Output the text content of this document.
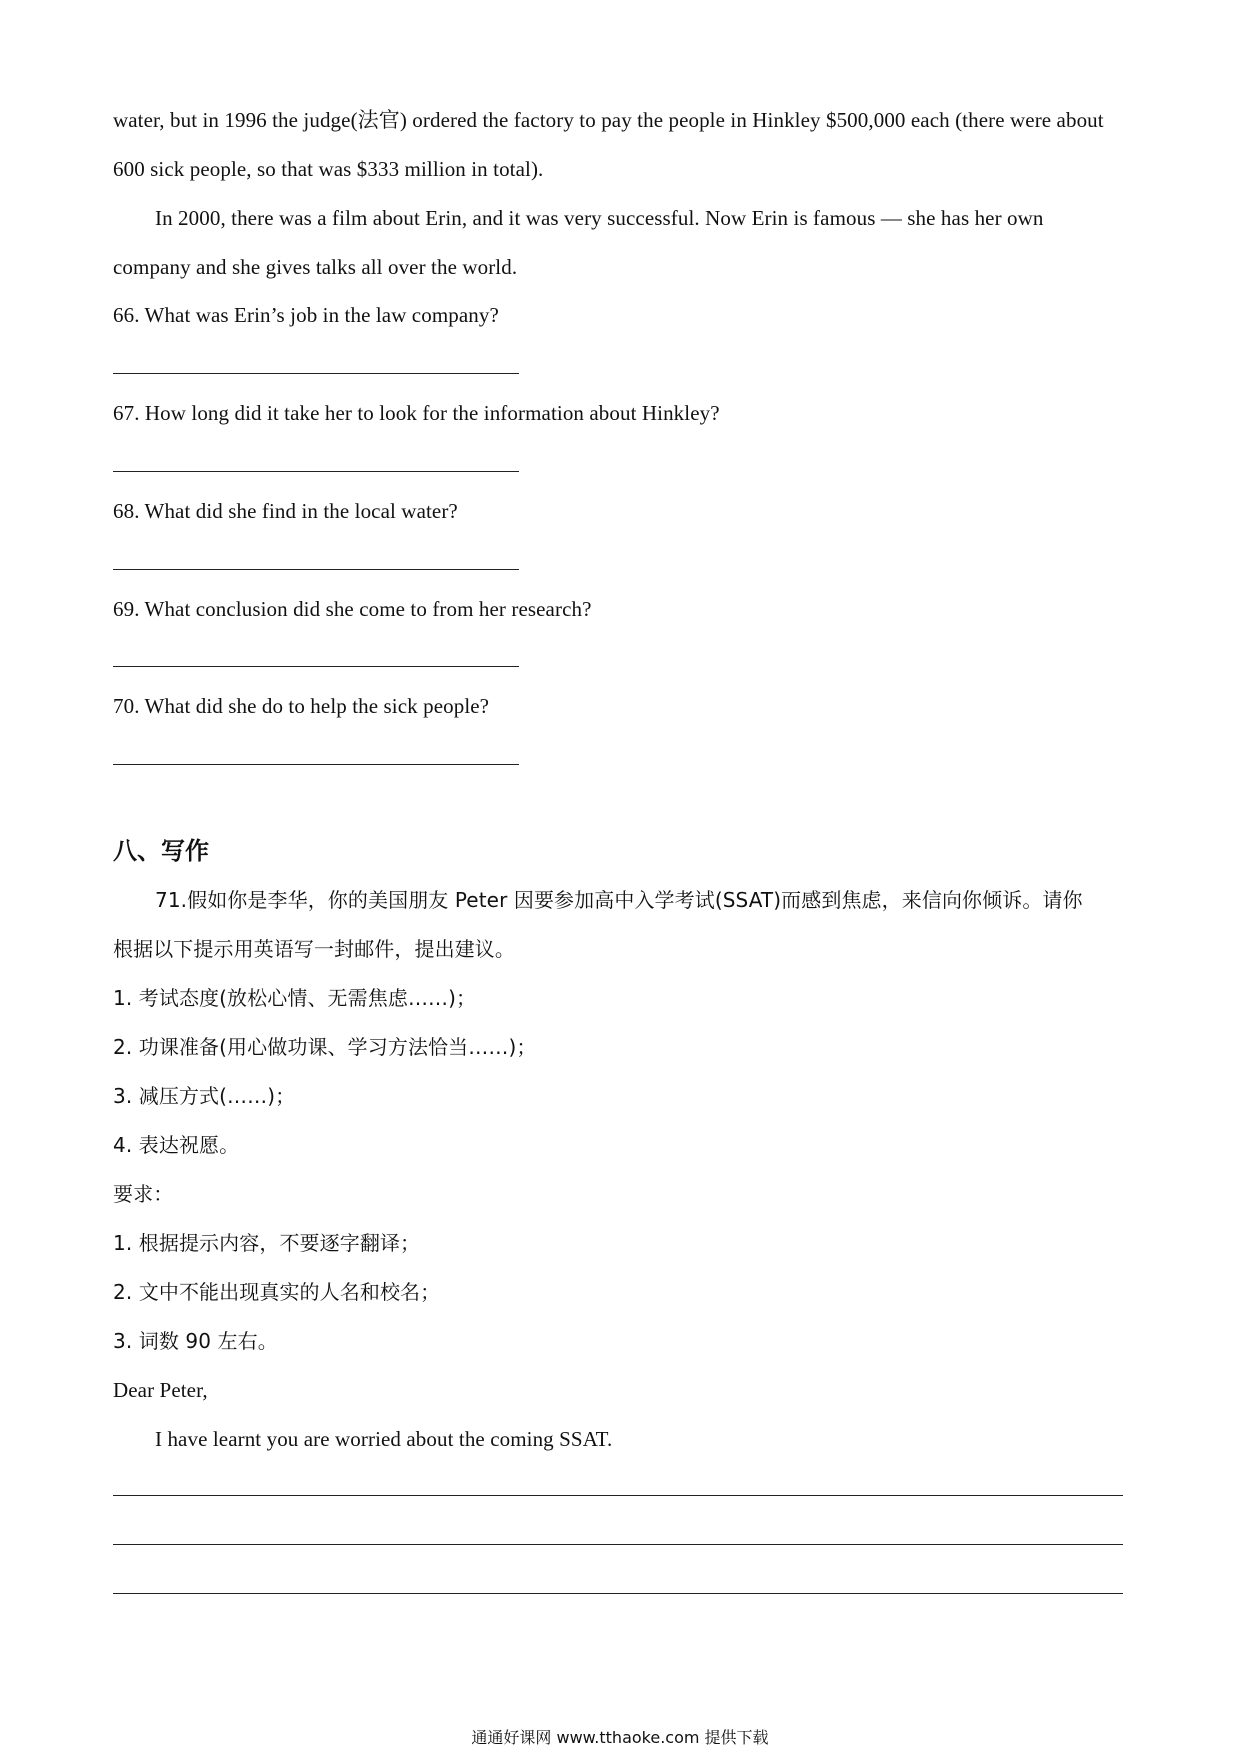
water, but in 1996 the judge(法官) ordered the factory to pay the people in Hinkley $500,000 each (there were about
600 sick people, so that was $333 million in total).
In 2000, there was a film about Erin, and it was very successful. Now Erin is famous — she has her own
company and she gives talks all over the world.
66. What was Erin’s job in the law company?
67. How long did it take her to look for the information about Hinkley?
68. What did she find in the local water?
69. What conclusion did she come to from her research?
70. What did she do to help the sick people?
八、写作
71.假如你是李华，你的美国朋友 Peter 因要参加高中入学考试(SSAT)而感到焦虑，来信向你倾诉。请你
根据以下提示用英语写一封邮件，提出建议。
1. 考试态度(放松心情、无需焦虑……)；
2. 功课准备(用心做功课、学习方法恰当……)；
3. 减压方式(……)；
4. 表达祝愿。
要求：
1. 根据提示内容，不要逐字翻译；
2. 文中不能出现真实的人名和校名；
3. 词数 90 左右。
Dear Peter,
I have learnt you are worried about the coming SSAT.
通通好课网 www.tthaoke.com 提供下载
